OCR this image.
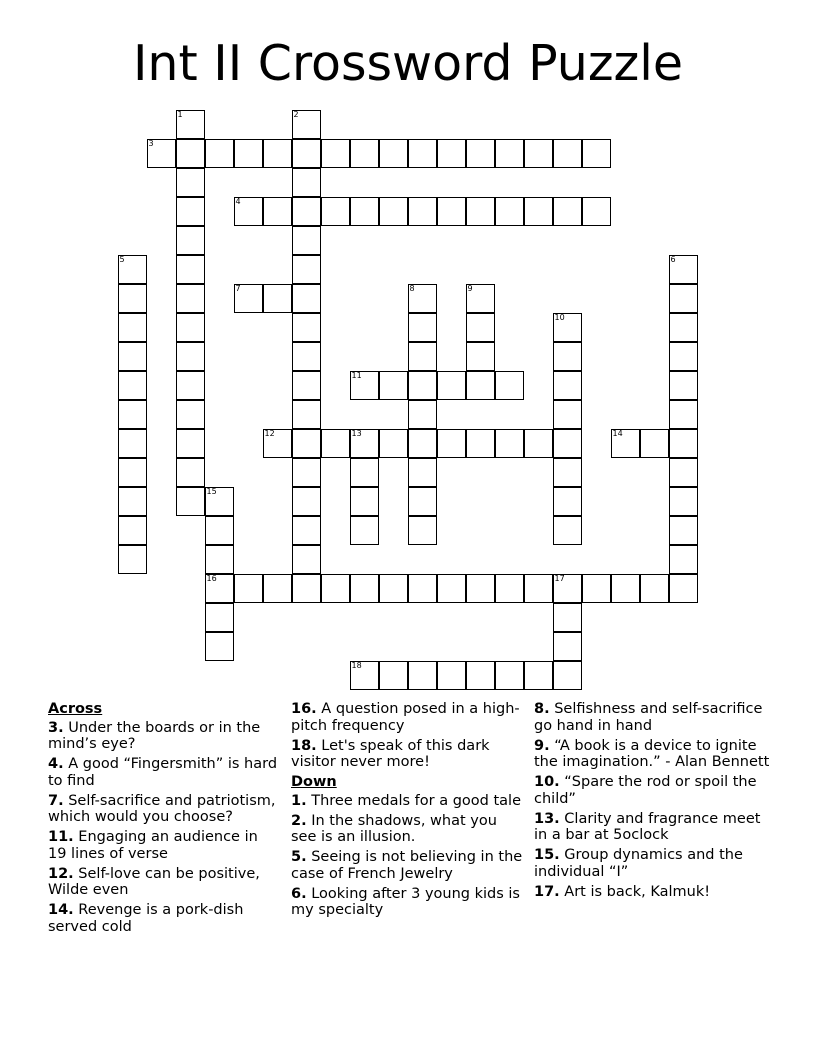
Int II Crossword Puzzle
1	2
3
4
5	6
7	8	9
10
11
12	13	14
15
16	17
18
Across
3. Under the boards or in the mind’s eye?
4. A good “Fingersmith” is hard to find
7. Self-sacrifice and patriotism, which would you choose?
11. Engaging an audience in 19 lines of verse
12. Self-love can be positive, Wilde even
14. Revenge is a pork-dish served cold
16. A question posed in a high-pitch frequency
18. Let's speak of this dark visitor never more!
Down
1. Three medals for a good tale
2. In the shadows, what you see is an illusion.
5. Seeing is not believing in the case of French Jewelry
6. Looking after 3 young kids is my specialty
8. Selfishness and self-sacrifice go hand in hand
9. “A book is a device to ignite the imagination.” - Alan Bennett
10. “Spare the rod or spoil the child”
13. Clarity and fragrance meet in a bar at 5oclock
15. Group dynamics and the individual “I”
17. Art is back, Kalmuk!
